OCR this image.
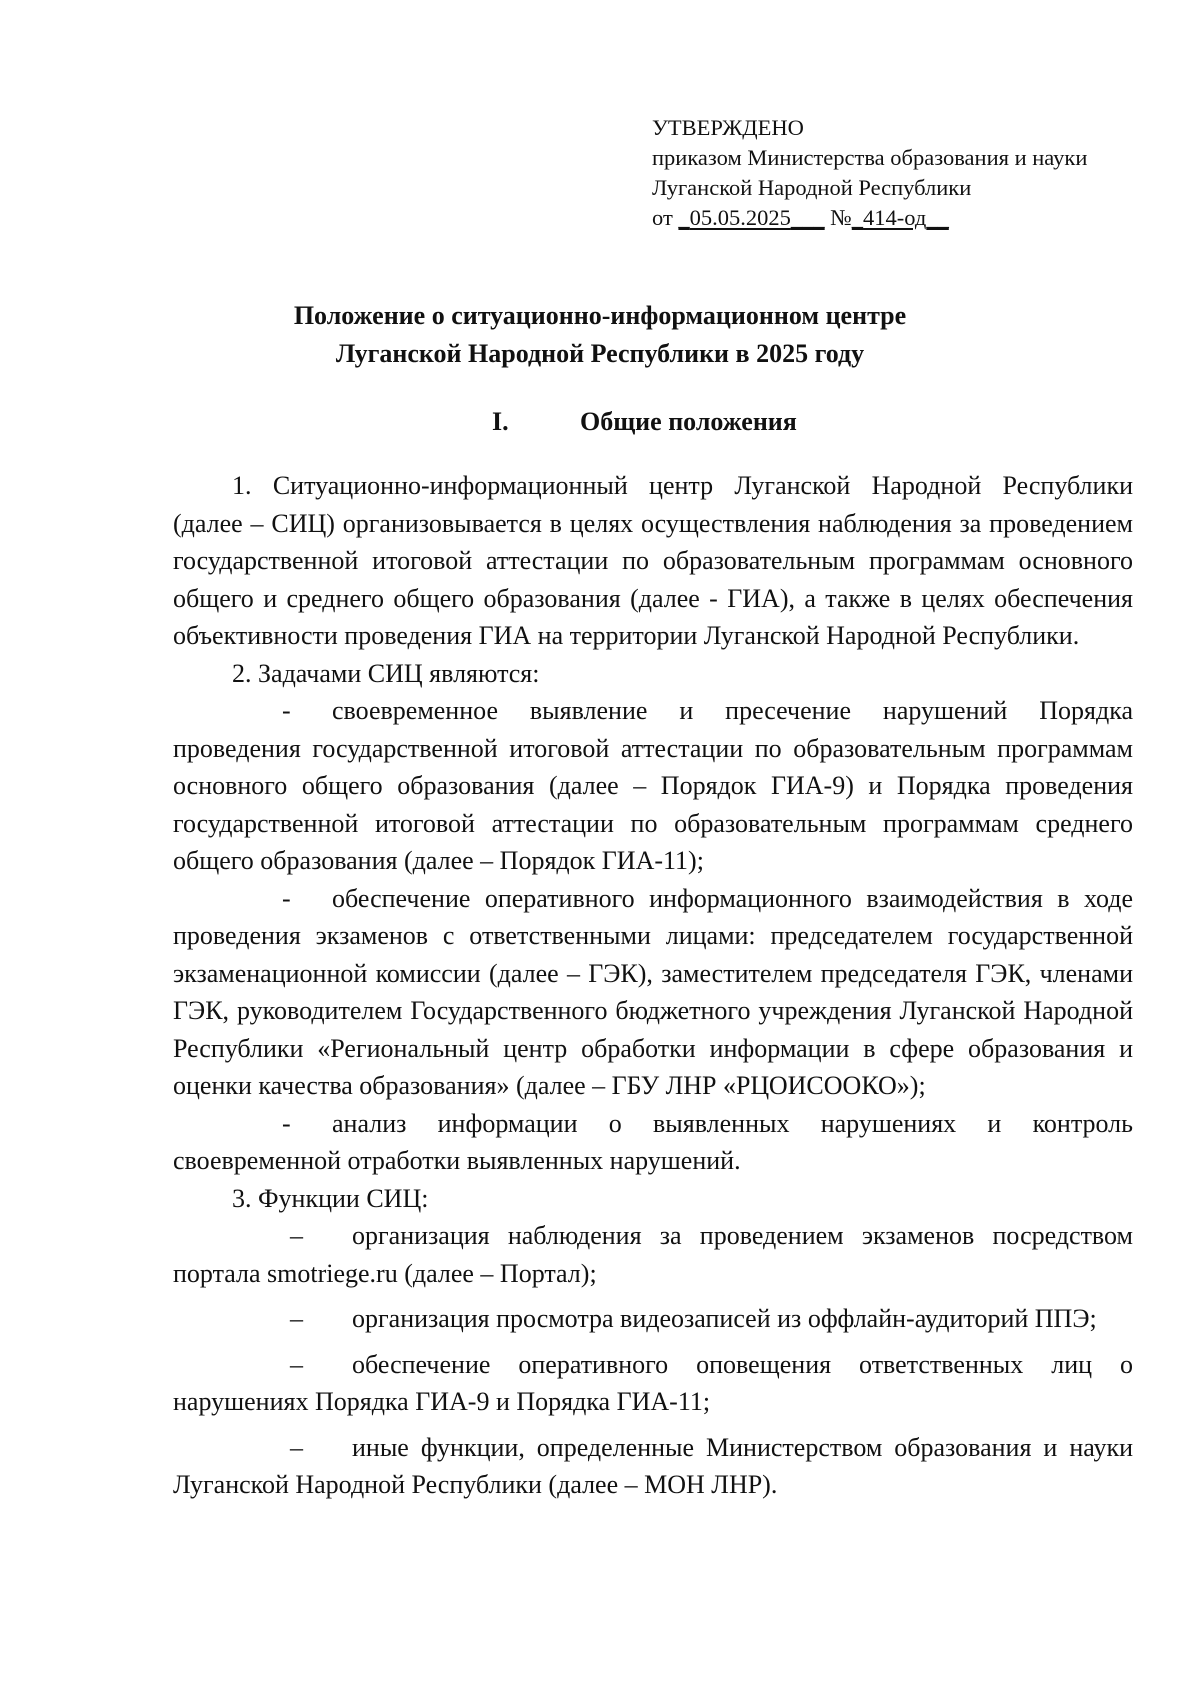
УТВЕРЖДЕНО
приказом Министерства образования и науки
Луганской Народной Республики
от _05.05.2025___ №_414-од__
Положение о ситуационно-информационном центре
Луганской Народной Республики в 2025 году
I.	Общие положения

1. Ситуационно-информационный центр Луганской Народной Республики (далее – СИЦ) организовывается в целях осуществления наблюдения за проведением государственной итоговой аттестации по образовательным программам основного общего и среднего общего образования (далее - ГИА), а также в целях обеспечения объективности проведения ГИА на территории Луганской Народной Республики.

2. Задачами СИЦ являются:

- своевременное выявление и пресечение нарушений Порядка проведения государственной итоговой аттестации по образовательным программам основного общего образования (далее – Порядок ГИА-9) и Порядка проведения государственной итоговой аттестации по образовательным программам среднего общего образования (далее – Порядок ГИА-11);

- обеспечение оперативного информационного взаимодействия в ходе проведения экзаменов с ответственными лицами: председателем государственной экзаменационной комиссии (далее – ГЭК), заместителем председателя ГЭК, членами ГЭК, руководителем Государственного бюджетного учреждения Луганской Народной Республики «Региональный центр обработки информации в сфере образования и оценки качества образования» (далее – ГБУ ЛНР «РЦОИСООКО»);

- анализ информации о выявленных нарушениях и контроль своевременной отработки выявленных нарушений.

3. Функции СИЦ:

– организация наблюдения за проведением экзаменов посредством портала smotriege.ru (далее – Портал);

– организация просмотра видеозаписей из оффлайн-аудиторий ППЭ;

– обеспечение оперативного оповещения ответственных лиц о нарушениях Порядка ГИА-9 и Порядка ГИА-11;

– иные функции, определенные Министерством образования и науки Луганской Народной Республики (далее – МОН ЛНР).
